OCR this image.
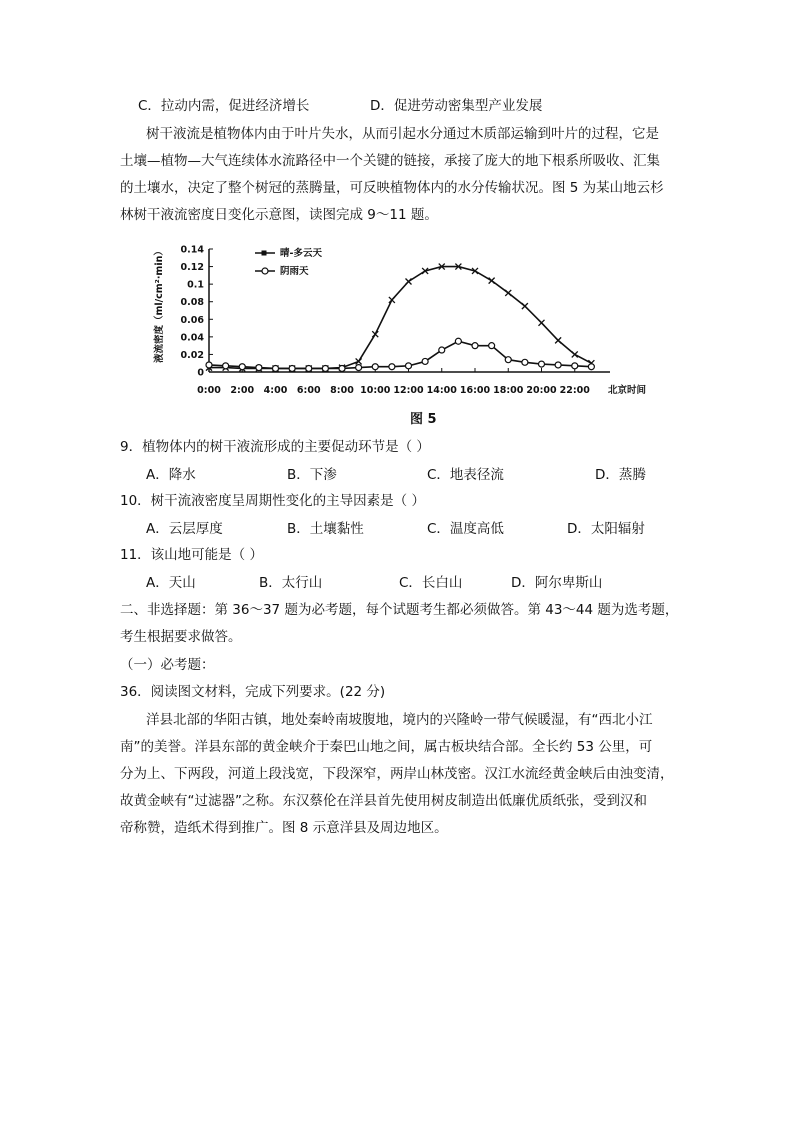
C．拉动内需，促进经济增长	D．促进劳动密集型产业发展
树干液流是植物体内由于叶片失水，从而引起水分通过木质部运输到叶片的过程，它是
土壤—植物—大气连续体水流路径中一个关键的链接，承接了庞大的地下根系所吸收、汇集
的土壤水，决定了整个树冠的蒸腾量，可反映植物体内的水分传输状况。图 5 为某山地云杉
林树干液流密度日变化示意图，读图完成 9～11 题。
0
0.02
0.04
0.06
0.08
0.1
0.12
0.14
0:00 2:00 4:00 6:00 8:00 10:00 12:00 14:00 16:00 18:00 20:00 22:00
液流密度（ml/cm²·min）
北京时间
晴-多云天
阴雨天
图 5
9．植物体内的树干液流形成的主要促动环节是（ ）
A．降水	B．下渗	C．地表径流	D．蒸腾
10．树干流液密度呈周期性变化的主导因素是（ ）
A．云层厚度	B．土壤黏性	C．温度高低	D．太阳辐射
11．该山地可能是（ ）
A．天山	B．太行山	C．长白山	D．阿尔卑斯山
二、非选择题：第 36～37 题为必考题，每个试题考生都必须做答。第 43～44 题为选考题，
考生根据要求做答。
（一）必考题：
36．阅读图文材料，完成下列要求。(22 分)
洋县北部的华阳古镇，地处秦岭南坡腹地，境内的兴隆岭一带气候暖湿，有“西北小江
南”的美誉。洋县东部的黄金峡介于秦巴山地之间，属古板块结合部。全长约 53 公里，可
分为上、下两段，河道上段浅宽，下段深窄，两岸山林茂密。汉江水流经黄金峡后由浊变清，
故黄金峡有“过滤器”之称。东汉蔡伦在洋县首先使用树皮制造出低廉优质纸张，受到汉和
帝称赞，造纸术得到推广。图 8 示意洋县及周边地区。
